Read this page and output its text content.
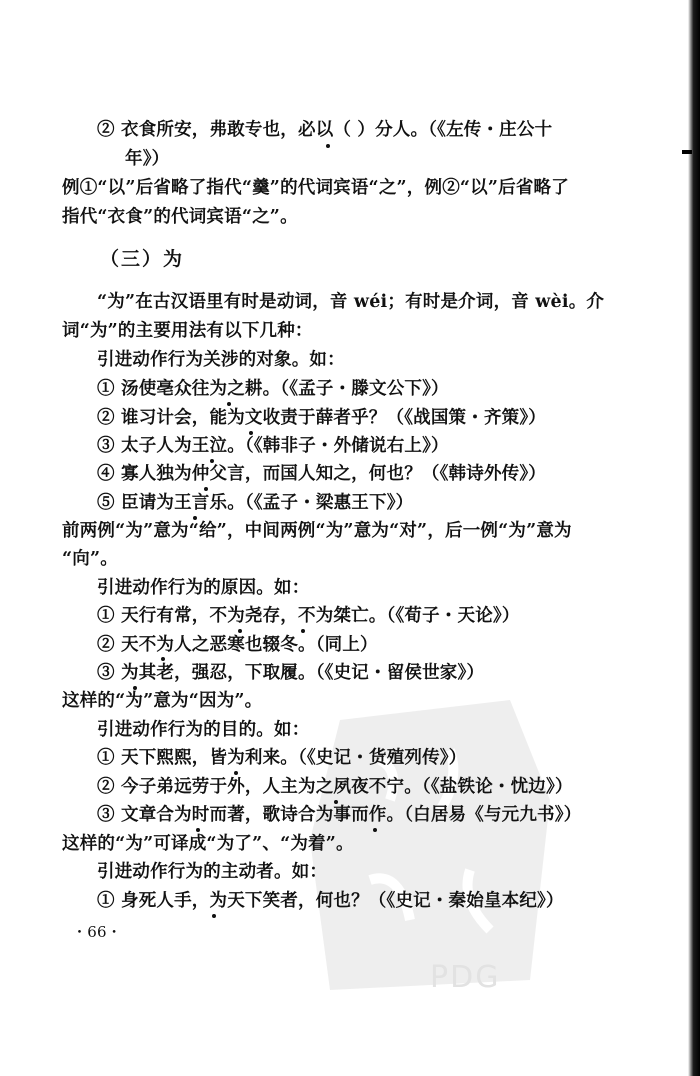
PDG
② 衣食所安，弗敢专也，必以（ ）分人。（《左传・庄公十
年》）
例①“以”后省略了指代“羹”的代词宾语“之”，例②“以”后省略了
指代“衣食”的代词宾语“之”。
（三）为
“为”在古汉语里有时是动词，音 wéi；有时是介词，音 wèi。介
词“为”的主要用法有以下几种：
引进动作行为关涉的对象。如：
① 汤使亳众往为之耕。（《孟子・滕文公下》）
② 谁习计会，能为文收责于薛者乎？（《战国策・齐策》）
③ 太子人为王泣。（《韩非子・外储说右上》）
④ 寡人独为仲父言，而国人知之，何也？（《韩诗外传》）
⑤ 臣请为王言乐。（《孟子・梁惠王下》）
前两例“为”意为“给”，中间两例“为”意为“对”，后一例“为”意为
“向”。
引进动作行为的原因。如：
① 天行有常，不为尧存，不为桀亡。（《荀子・天论》）
② 天不为人之恶寒也辍冬。（同上）
③ 为其老，强忍，下取履。（《史记・留侯世家》）
这样的“为”意为“因为”。
引进动作行为的目的。如：
① 天下熙熙，皆为利来。（《史记・货殖列传》）
② 今子弟远劳于外，人主为之夙夜不宁。（《盐铁论・忧边》）
③ 文章合为时而著，歌诗合为事而作。（白居易《与元九书》）
这样的“为”可译成“为了”、“为着”。
引进动作行为的主动者。如：
① 身死人手，为天下笑者，何也？（《史记・秦始皇本纪》）
・66・
